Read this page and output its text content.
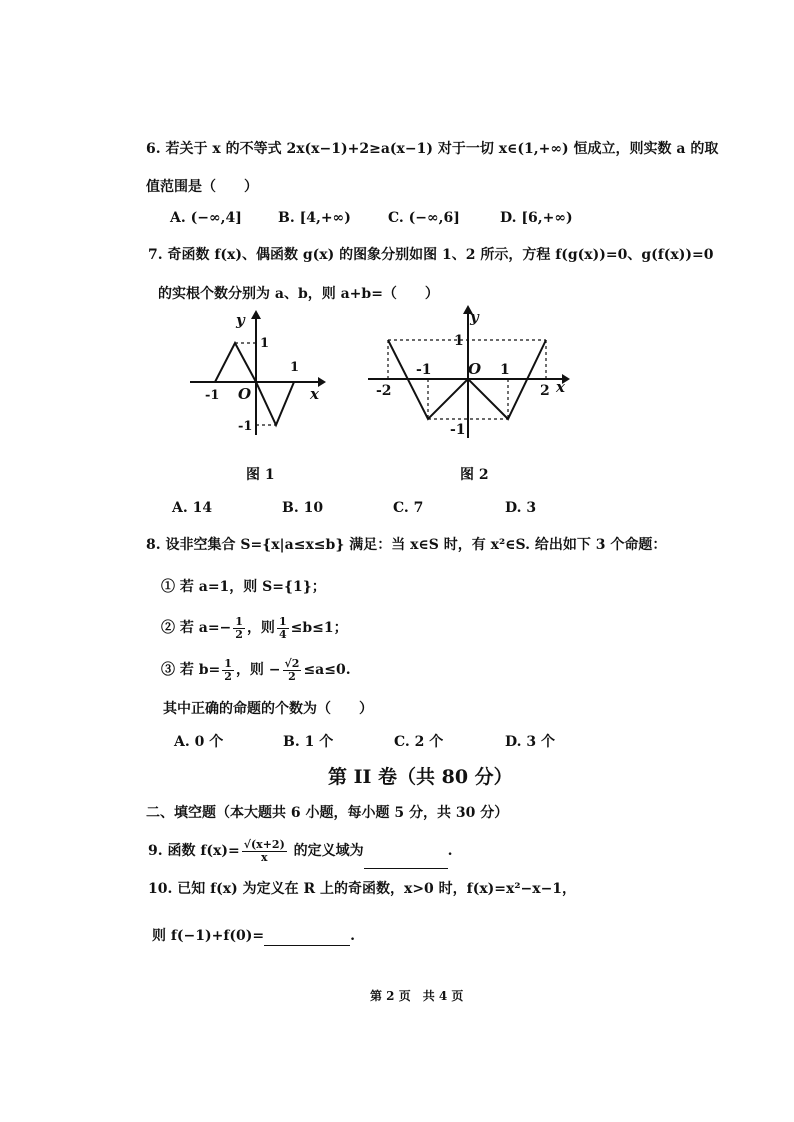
6. 若关于 x 的不等式 2x(x−1)+2≥a(x−1) 对于一切 x∈(1,+∞) 恒成立，则实数 a 的取
值范围是（　　）
A. (−∞,4]	B. [4,+∞)	C. (−∞,6]	D. [6,+∞)
7. 奇函数 f(x)、偶函数 g(x) 的图象分别如图 1、2 所示，方程 f(g(x))=0、g(f(x))=0
的实根个数分别为 a、b，则 a+b=（　　）
y
x
O
-1
1
1
-1
图 1
y
x
O
-2
-1	1
2
1
-1
图 2
A. 14	B. 10	C. 7	D. 3
8. 设非空集合 S={x|a≤x≤b} 满足：当 x∈S 时，有 x²∈S. 给出如下 3 个命题：
① 若 a=1，则 S={1}；
② 若 $a=- \frac{1}{2}$ ，则 $\frac{1}{4} \le b\le 1$；
③ 若 $b= \frac{1}{2}$ ，则 − $\frac{√2}{2} \le a\le 0$.
其中正确的命题的个数为（　　）
A. 0 个	B. 1 个	C. 2 个	D. 3 个
第 II 卷（共 80 分）
二、填空题（本大题共 6 小题，每小题 5 分，共 30 分）
9. 函数 $f(x)= \frac{√(x+2)}{x}$ 的定义域为	.
10. 已知 f(x) 为定义在 R 上的奇函数，x>0 时，f(x)=x²−x−1，
则 f(−1)+f(0)=	.
第 2 页　共 4 页
